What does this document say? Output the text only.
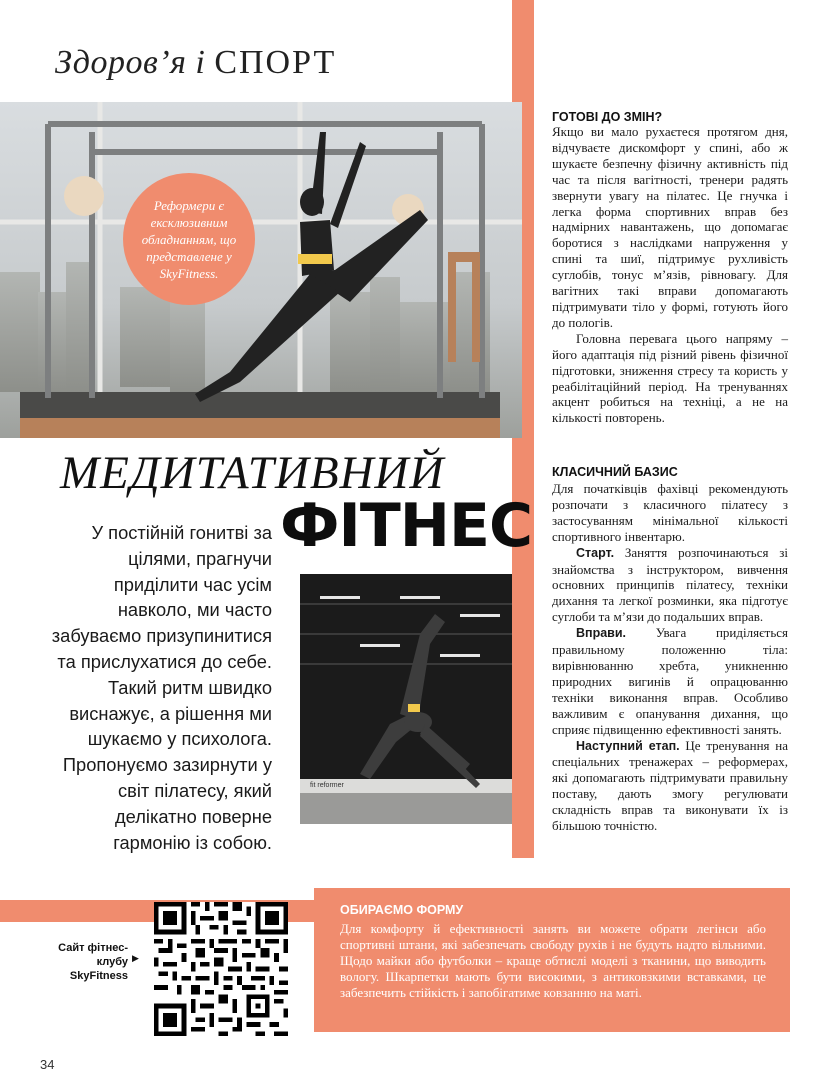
Здоров’я і СПОРТ
Реформери є ексклюзивним обладнанням, що представлене у SkyFitness.
МЕДИТАТИВНИЙ
ФІТНЕС
У постійній гонитві за цілями, прагнучи приділити час усім навколо, ми часто забуваємо призупинитися та прислухатися до себе. Такий ритм швидко виснажує, а рішення ми шукаємо у психолога. Пропонуємо зазирнути у світ пілатесу, який делікатно поверне гармонію із собою.
fit reformer
ГОТОВІ ДО ЗМІН?

Якщо ви мало рухаєтеся протягом дня, відчуваєте дискомфорт у спині, або ж шукаєте безпечну фізичну активність під час та після вагітності, тренери радять звернути увагу на пілатес. Це гнучка і легка форма спортивних вправ без надмірних навантажень, що допомагає боротися з наслідками напруження у спині та шиї, підтримує рухливість суглобів, тонус м’язів, рівновагу. Для вагітних такі вправи допомагають підтримувати тіло у формі, готують його до пологів.

Головна перевага цього напряму – його адаптація під різний рівень фізичної підготовки, зниження стресу та користь у реабілітаційний період. На тренуваннях акцент робиться на техніці, а не на кількості повторень.

КЛАСИЧНИЙ БАЗИС

Для початківців фахівці рекомендують розпочати з класичного пілатесу з застосуванням мінімальної кількості спортивного інвентарю.

Старт. Заняття розпочинаються зі знайомства з інструктором, вивчення основних принципів пілатесу, техніки дихання та легкої розминки, яка підготує суглоби та м’язи до подальших вправ.

Вправи. Увага приділяється правильному положенню тіла: вирівнюванню хребта, уникненню природних вигинів й опрацюванню техніки виконання вправ. Особливо важливим є опанування дихання, що сприяє підвищенню ефективності занять.

Наступний етап. Це тренування на спеціальних тренажерах – реформерах, які допомагають підтримувати правильну поставу, дають змогу регулювати складність вправ та виконувати їх із більшою точністю.

Сайт фітнес-клубу SkyFitness
▶
ОБИРАЄМО ФОРМУ
Для комфорту й ефективності занять ви можете обрати легінси або спортивні штани, які забезпечать свободу рухів і не будуть надто вільними. Щодо майки або футболки – краще обтислі моделі з тканини, що виводить вологу. Шкарпетки мають бути високими, з антиковзкими вставками, це забезпечить стійкість і запобігатиме ковзанню на маті.
34
